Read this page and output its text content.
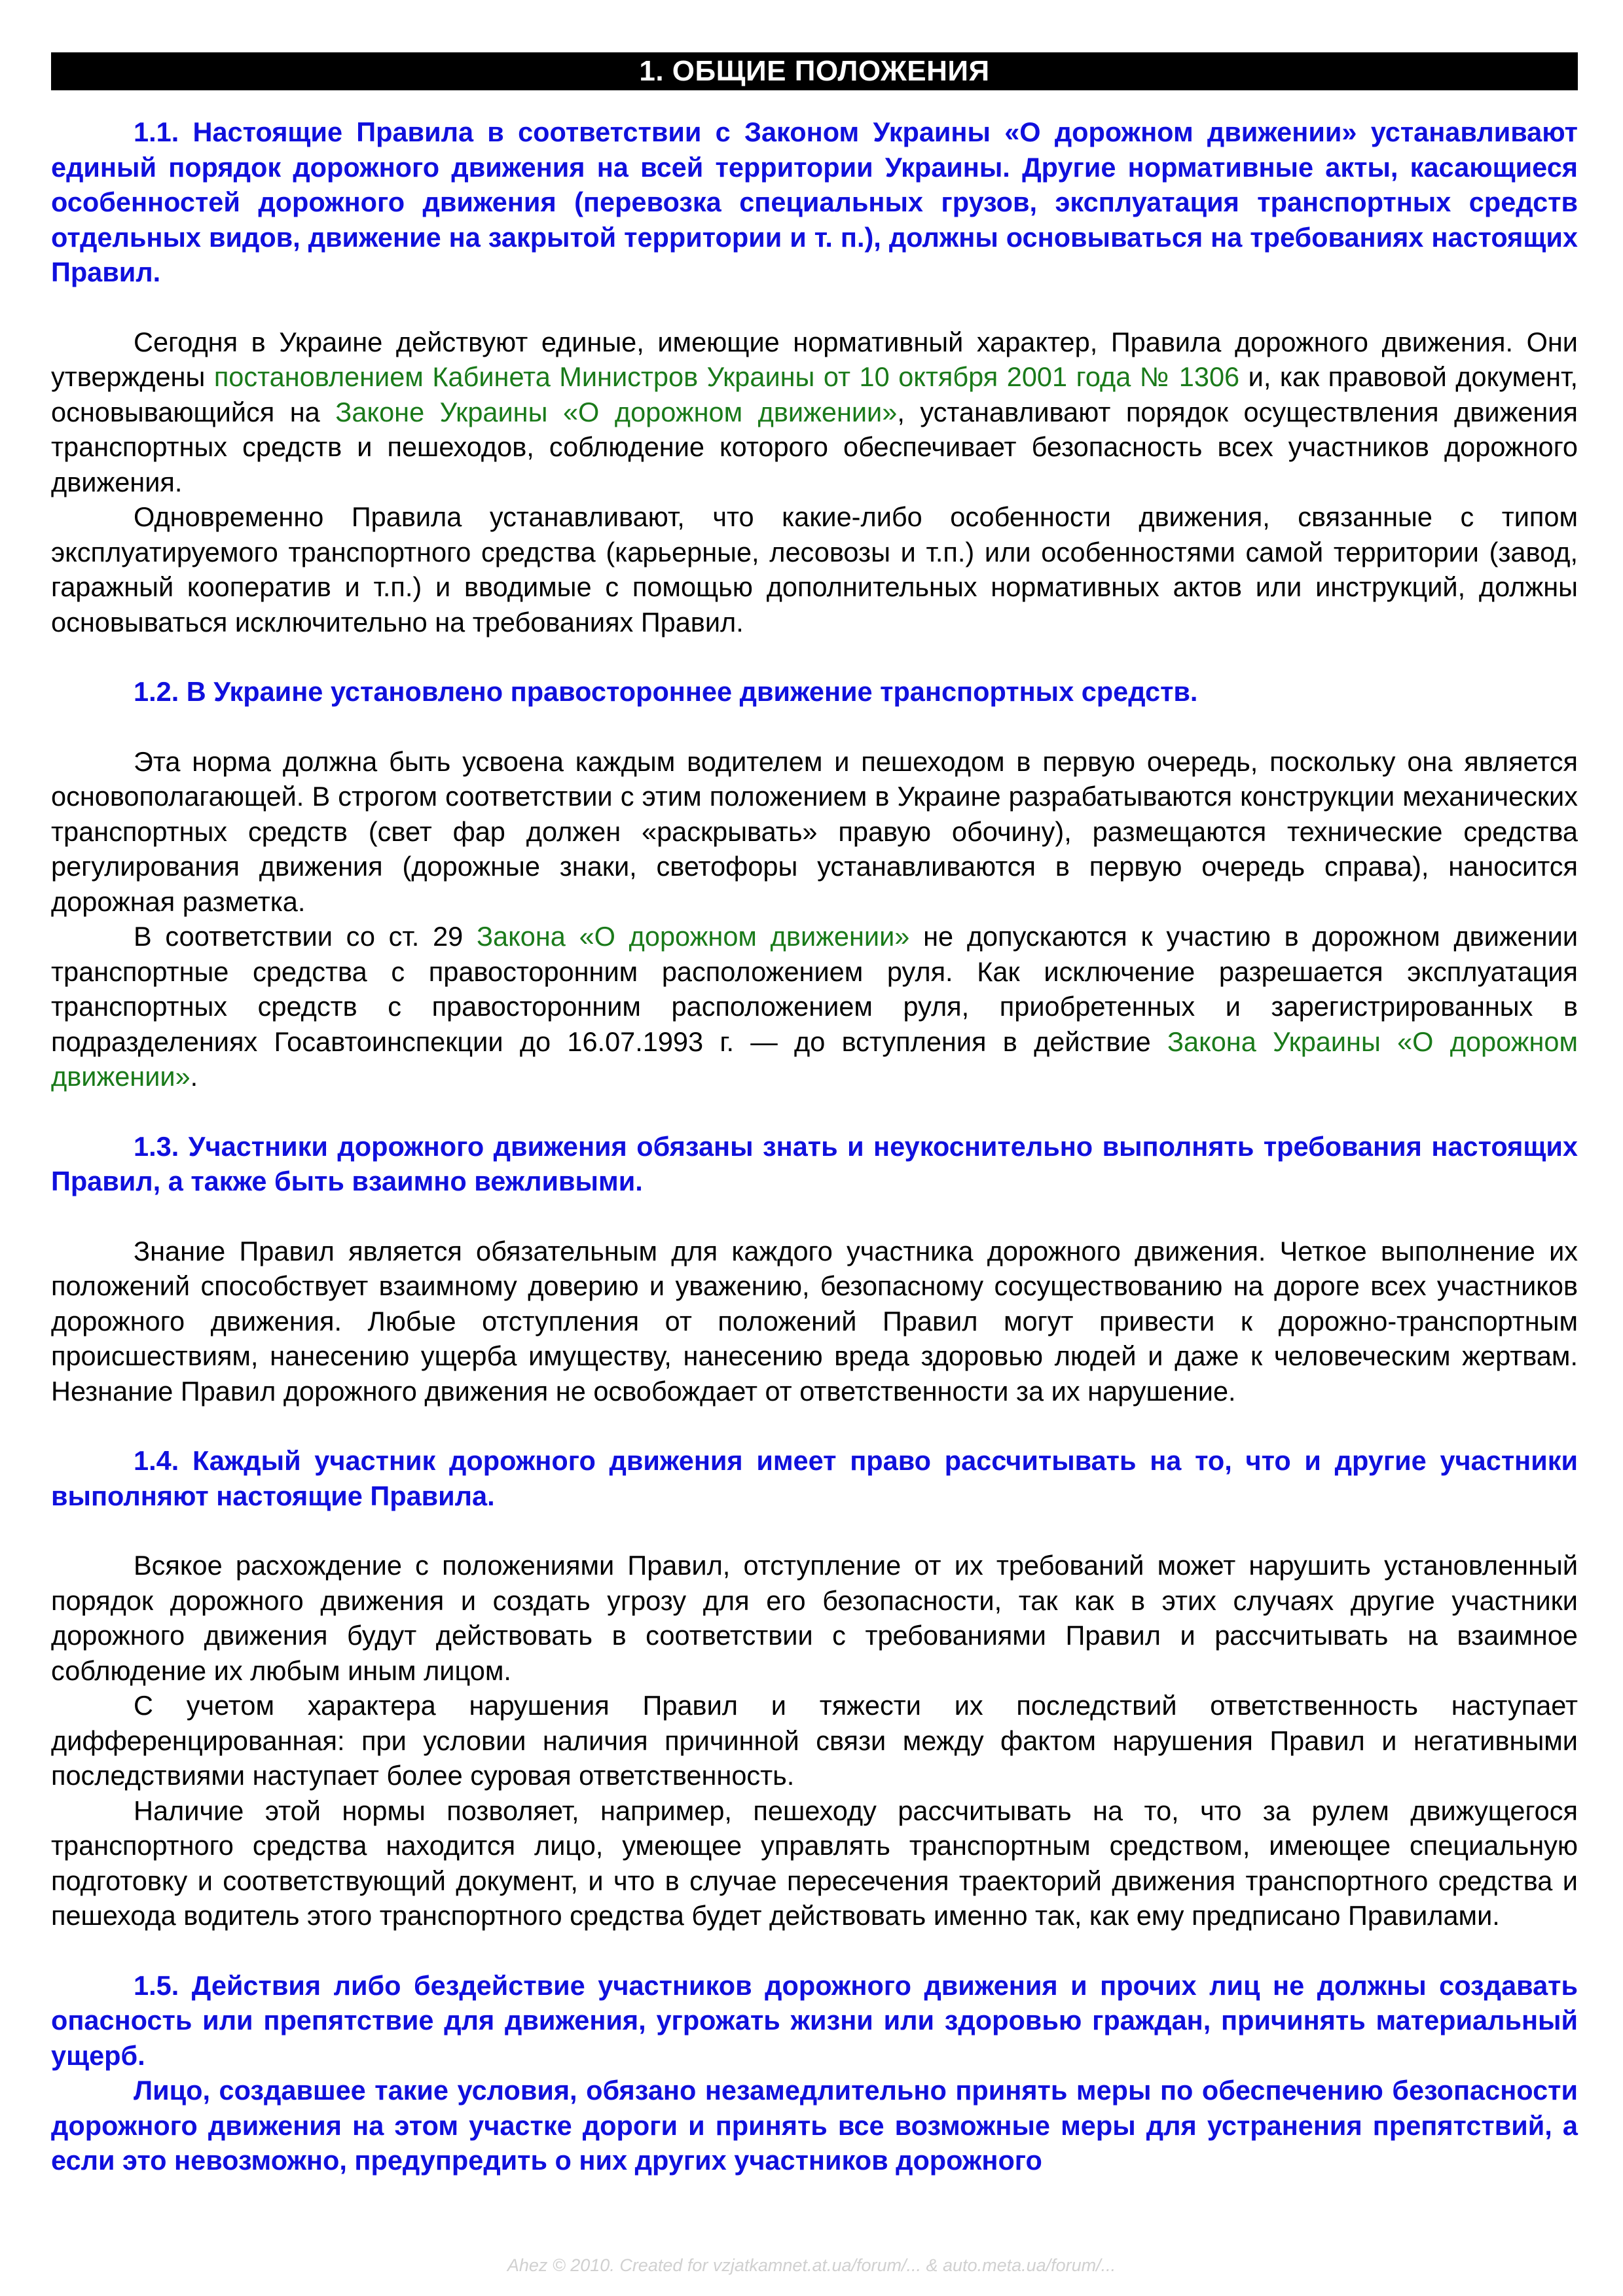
1. ОБЩИЕ ПОЛОЖЕНИЯ

1.1. Настоящие Правила в соответствии с Законом Украины «О дорожном движении» устанавливают единый порядок дорожного движения на всей территории Украины. Другие нормативные акты, касающиеся особенностей дорожного движения (перевозка специальных грузов, эксплуатация транспортных средств отдельных видов, движение на закрытой территории и т. п.), должны основываться на требованиях настоящих Правил.

Сегодня в Украине действуют единые, имеющие нормативный характер, Правила дорожного движения. Они утверждены постановлением Кабинета Министров Украины от 10 октября 2001 года № 1306 и, как правовой документ, основывающийся на Законе Украины «О дорожном движении», устанавливают порядок осуществления движения транспортных средств и пешеходов, соблюдение которого обеспечивает безопасность всех участников дорожного движения.

Одновременно Правила устанавливают, что какие-либо особенности движения, связанные с типом эксплуатируемого транспортного средства (карьерные, лесовозы и т.п.) или особенностями самой территории (завод, гаражный кооператив и т.п.) и вводимые с помощью дополнительных нормативных актов или инструкций, должны основываться исключительно на требованиях Правил.

1.2. В Украине установлено правостороннее движение транспортных средств.

Эта норма должна быть усвоена каждым водителем и пешеходом в первую очередь, поскольку она является основополагающей. В строгом соответствии с этим положением в Украине разрабатываются конструкции механических транспортных средств (свет фар должен «раскрывать» правую обочину), размещаются технические средства регулирования движения (дорожные знаки, светофоры устанавливаются в первую очередь справа), наносится дорожная разметка.

В соответствии со ст. 29 Закона «О дорожном движении» не допускаются к участию в дорожном движении транспортные средства с правосторонним расположением руля. Как исключение разрешается эксплуатация транспортных средств с правосторонним расположением руля, приобретенных и зарегистрированных в подразделениях Госавтоинспекции до 16.07.1993 г. — до вступления в действие Закона Украины «О дорожном движении».

1.3. Участники дорожного движения обязаны знать и неукоснительно выполнять требования настоящих Правил, а также быть взаимно вежливыми.

Знание Правил является обязательным для каждого участника дорожного движения. Четкое выполнение их положений способствует взаимному доверию и уважению, безопасному сосуществованию на дороге всех участников дорожного движения. Любые отступления от положений Правил могут привести к дорожно-транспортным происшествиям, нанесению ущерба имуществу, нанесению вреда здоровью людей и даже к человеческим жертвам. Незнание Правил дорожного движения не освобождает от ответственности за их нарушение.

1.4. Каждый участник дорожного движения имеет право рассчитывать на то, что и другие участники выполняют настоящие Правила.

Всякое расхождение с положениями Правил, отступление от их требований может нарушить установленный порядок дорожного движения и создать угрозу для его безопасности, так как в этих случаях другие участники дорожного движения будут действовать в соответствии с требованиями Правил и рассчитывать на взаимное соблюдение их любым иным лицом.

С учетом характера нарушения Правил и тяжести их последствий ответственность наступает дифференцированная: при условии наличия причинной связи между фактом нарушения Правил и негативными последствиями наступает более суровая ответственность.

Наличие этой нормы позволяет, например, пешеходу рассчитывать на то, что за рулем движущегося транспортного средства находится лицо, умеющее управлять транспортным средством, имеющее специальную подготовку и соответствующий документ, и что в случае пересечения траекторий движения транспортного средства и пешехода водитель этого транспортного средства будет действовать именно так, как ему предписано Правилами.

1.5. Действия либо бездействие участников дорожного движения и прочих лиц не должны создавать опасность или препятствие для движения, угрожать жизни или здоровью граждан, причинять материальный ущерб.

Лицо, создавшее такие условия, обязано незамедлительно принять меры по обеспечению безопасности дорожного движения на этом участке дороги и принять все возможные меры для устранения препятствий, а если это невозможно, предупредить о них других участников дорожного

Ahez © 2010. Created for vzjatkamnet.at.ua/forum/... & auto.meta.ua/forum/...
